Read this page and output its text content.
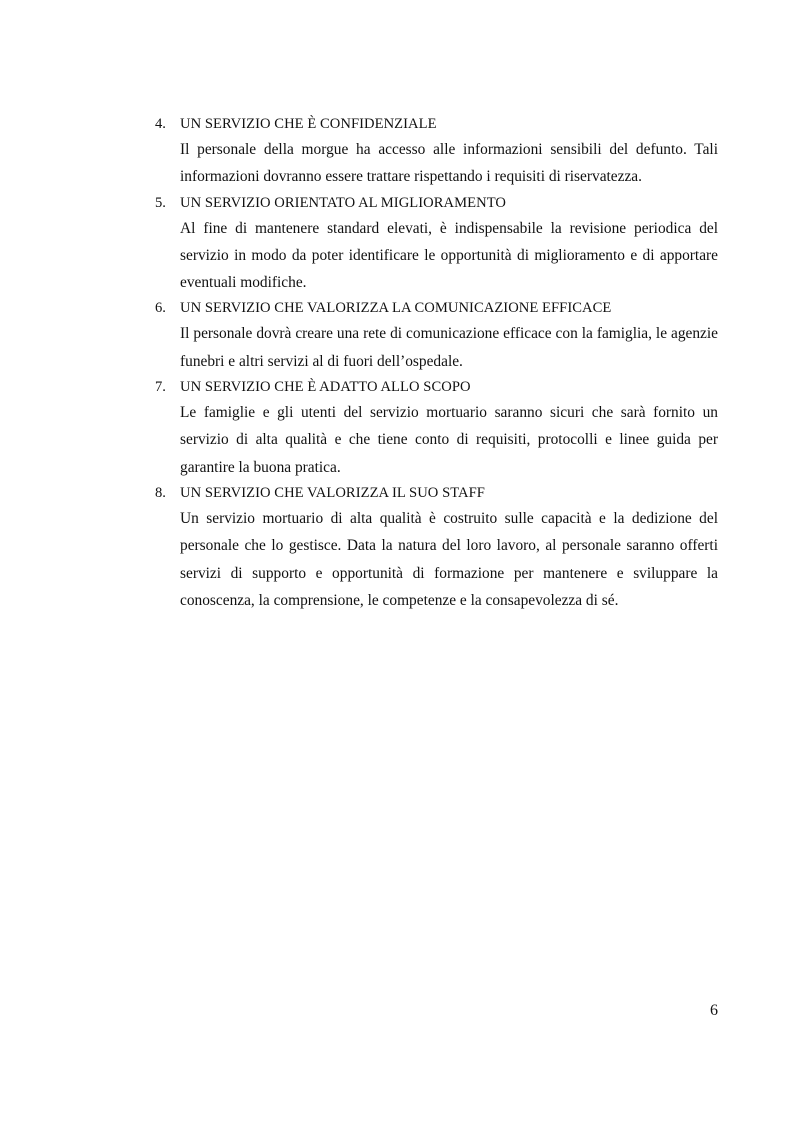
4. UN SERVIZIO CHE È CONFIDENZIALE

Il personale della morgue ha accesso alle informazioni sensibili del defunto. Tali informazioni dovranno essere trattare rispettando i requisiti di riservatezza.

5. UN SERVIZIO ORIENTATO AL MIGLIORAMENTO

Al fine di mantenere standard elevati, è indispensabile la revisione periodica del servizio in modo da poter identificare le opportunità di miglioramento e di apportare eventuali modifiche.

6. UN SERVIZIO CHE VALORIZZA LA COMUNICAZIONE EFFICACE

Il personale dovrà creare una rete di comunicazione efficace con la famiglia, le agenzie funebri e altri servizi al di fuori dell’ospedale.

7. UN SERVIZIO CHE È ADATTO ALLO SCOPO

Le famiglie e gli utenti del servizio mortuario saranno sicuri che sarà fornito un servizio di alta qualità e che tiene conto di requisiti, protocolli e linee guida per garantire la buona pratica.

8. UN SERVIZIO CHE VALORIZZA IL SUO STAFF

Un servizio mortuario di alta qualità è costruito sulle capacità e la dedizione del personale che lo gestisce. Data la natura del loro lavoro, al personale saranno offerti servizi di supporto e opportunità di formazione per mantenere e sviluppare la conoscenza, la comprensione, le competenze e la consapevolezza di sé.

6
